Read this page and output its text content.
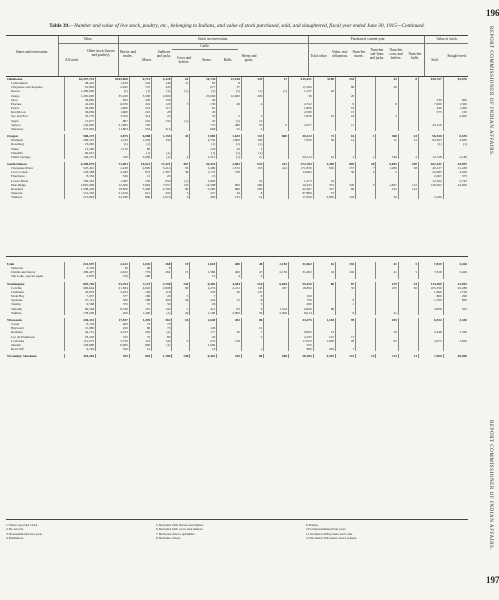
196
REPORT COMMISSIONER OF INDIAN AFFAIRS.
197
REPORT COMMISSIONER OF INDIAN AFFAIRS.
Table 39.—Number and value of live stock, poultry, etc., belonging to Indians, and value of stock purchased, sold, and slaughtered, fiscal year ended June 30, 1915—Continued.
States and reservation.
Value.	Stock on reservation.	Purchased, current year.	Value of stock.
All stock.
Other stock (horses and poultry).
Horses and mules.
Mares.
Stallions and jacks.
Cattle.
Cows and heifers.	Steers.	Bulls.
Sheep and goats.
Total value.
Value, mis-cellaneous.
Num-ber mares.
Num-ber stal-lions and jacks.
Num-ber cows and heifers.
Num-ber bulls.	Sold.
Slaugh-tered.
Oklahoma	$2,297,743	$105,008	6,713	4,228	61	10,730	13,168	329	17	$15,451	$180	255		43	8	$30,747	$5,670
Cantonment	48,401	1,019	322	146	11	65	8										
Cheyenne and Arapaho	61,862	2,045	727	343		677	37			15,160		89		26			
Kiowa	1,296,000	(1)	(1)	(1)	(1)	(1)	(1)	(1)	(1)	1,147	40						
Osage	1,265,600	35,100	3,500	2,000		25,000	12,000	200		30		20					
Otoe	36,685	993	220	150		40										230	900
Pawnee	42,045	6,076	222	145	3	130	49	4		2,722		9		9		7,000	1,300
Ponca	39,060	1,960	274	117		81				1,800		16				440	1,400
Red Moon	36,836	1,660	210	28		20				2,580		15				575	105
Sac and Fox	33,770	3,350	314	22		35	5	3		1,836	10	16		3			2,095
Seger	15,677	807	222	134	(1)	45	(1)	12									
Seneca	142,965	21,065	765			775	480	55	2	3,357		11				43,150	
Shawnee	272,692	11,863	552	213		600	55	2									

Oregon	588,175	3,875	6,088	1,155	45	7,085	1,633	131	800	30,212	72	16	1	368	43	96,548	6,539
Klamath	269,525	1,150	1,000	130		4,750	1,000	100		7,000	30	14		11	41	84,365	4,630
Roseburg	25,000	(1)	(1)			(1)	(1)	(1)								(1)	(1)
Siletz	13,360	1,170	80			120	20	2									
Umatilla	84,015		(1)	(1)		(1)	(1)	(1)									
Warm Springs	146,275	330	3,000	(1)	4	2,215	(1)	21		20,212	43	2	1	348	2	12,138	2,180

South Dakota	4,298,079	71,903	16,921	17,421	467	29,422	2,902	631	421	372,784	2,396	805	26	5,095	250	267,441	43,097
Cheyenne River	547,401	2,228	2,805	3,214	63	5,499	1,572	153	412	171,830	650	157	7	1,280	38	40,137	11,438
Crow Creek	126,588	4,180	875	1,367	38	1,175	730			14,665		36	2	2		22,095	4,562
Flandreau	8,536	536	12	20		15										2,065	575
Lower Brule	182,542	1,585	230	650	(1)	1,820		22		1,473	10					12,562	2,745
Pine Ridge	1,891,000	12,500	3,862	7,057	135	14,588	850	260		10,425	375	320	3	1,827	112	129,562	24,000
Rosebud	1,508,436	18,850	5,400	2,700	90	5,200	860	200		42,307	337	60		222	122		
Sisseton	151,526	21,010	615	433	3	227	34	8		97,800	75						
Yankton	213,893	22,180	800	1,019	3	400	125	14		17,650	2,900	102		30		3,180	
Utah	214,597	2,222	1,042	268	19	1,610	400	48	2,150	31,062	16	192		41	5	7,819	3,426
Shivwits	2,330	30	66	8													
Uintah and Ouray	209,407	2,022	776	262	15	1,586	400	47	2,150	31,062	16	192		41	5	7,819	3,426
Salt Lake, special agent	2,870	150	200			15	4	2									

Washington	893,746	33,794	7,173	2,700	150	6,463	4,384	216	6,663	35,420	86	87		279	34	114,380	22,092
Colville	606,644	21,384	4,943	2,998	90	4,274	2,211	143	267	18,850		35		235	30	105,330	20,280
Cushman	24,876	3,254	164	118		259	20	147								1,600	1,750
Neah Bay	7,657	377	180	20	5	7		8		160						800	290
Spokane	27,121	560	298	200	24	324	12	8		756		9				1,700	800
Tulalip	9,568	370	57	30		26		5		480		1					
Taholah	69,548	8,746	201	142	1	411	63	6	1,314	6,660	86					4,858	561
Yakima	178,200	200	1,400	(1)	20	1,100	2,000	30	5,000	8,014		6		41			

Wisconsin	240,331	17,557	1,493	362	16	1,628	202	80		33,275	1,138	99		105		6,912	3,330
Carter	8,150	200	73	70													
Hayward	15,080	220	80	70		129		12									
Keshena	44,151	4,722	203	(1)		177	30	7		9,905	14			10		3,448	1,330
Lac du Flambeau	18,230	725	75	80		20		2		4,195	125	17					
La Pointe	112,075	5,750	114	142	3	272	158			17,970	1,000	20		95		3,075	1,650
Oneida	136,680	6,000	800	(1)		1,000				535							
Red Cliff	6,700	520	12			10		1		800	200	7					

Wyoming: Shoshone	454,283	783	803	1,780	128	6,401	220	80	208	28,185	4,393	151	14	113	21	7,500	30,000
1 Value reported 1914.
2 No record.
3 Overestimated last year.
4 Estimated.
5 Included with horses and mules.
6 Included with cows and heifers.
7 Decrease due to epidemic.
8 Includes calves.
9 Ponies.
10 Underestimated last year.
11 Included 208 ponies and colts.
12 Included 106 steers and 2 ponies.
